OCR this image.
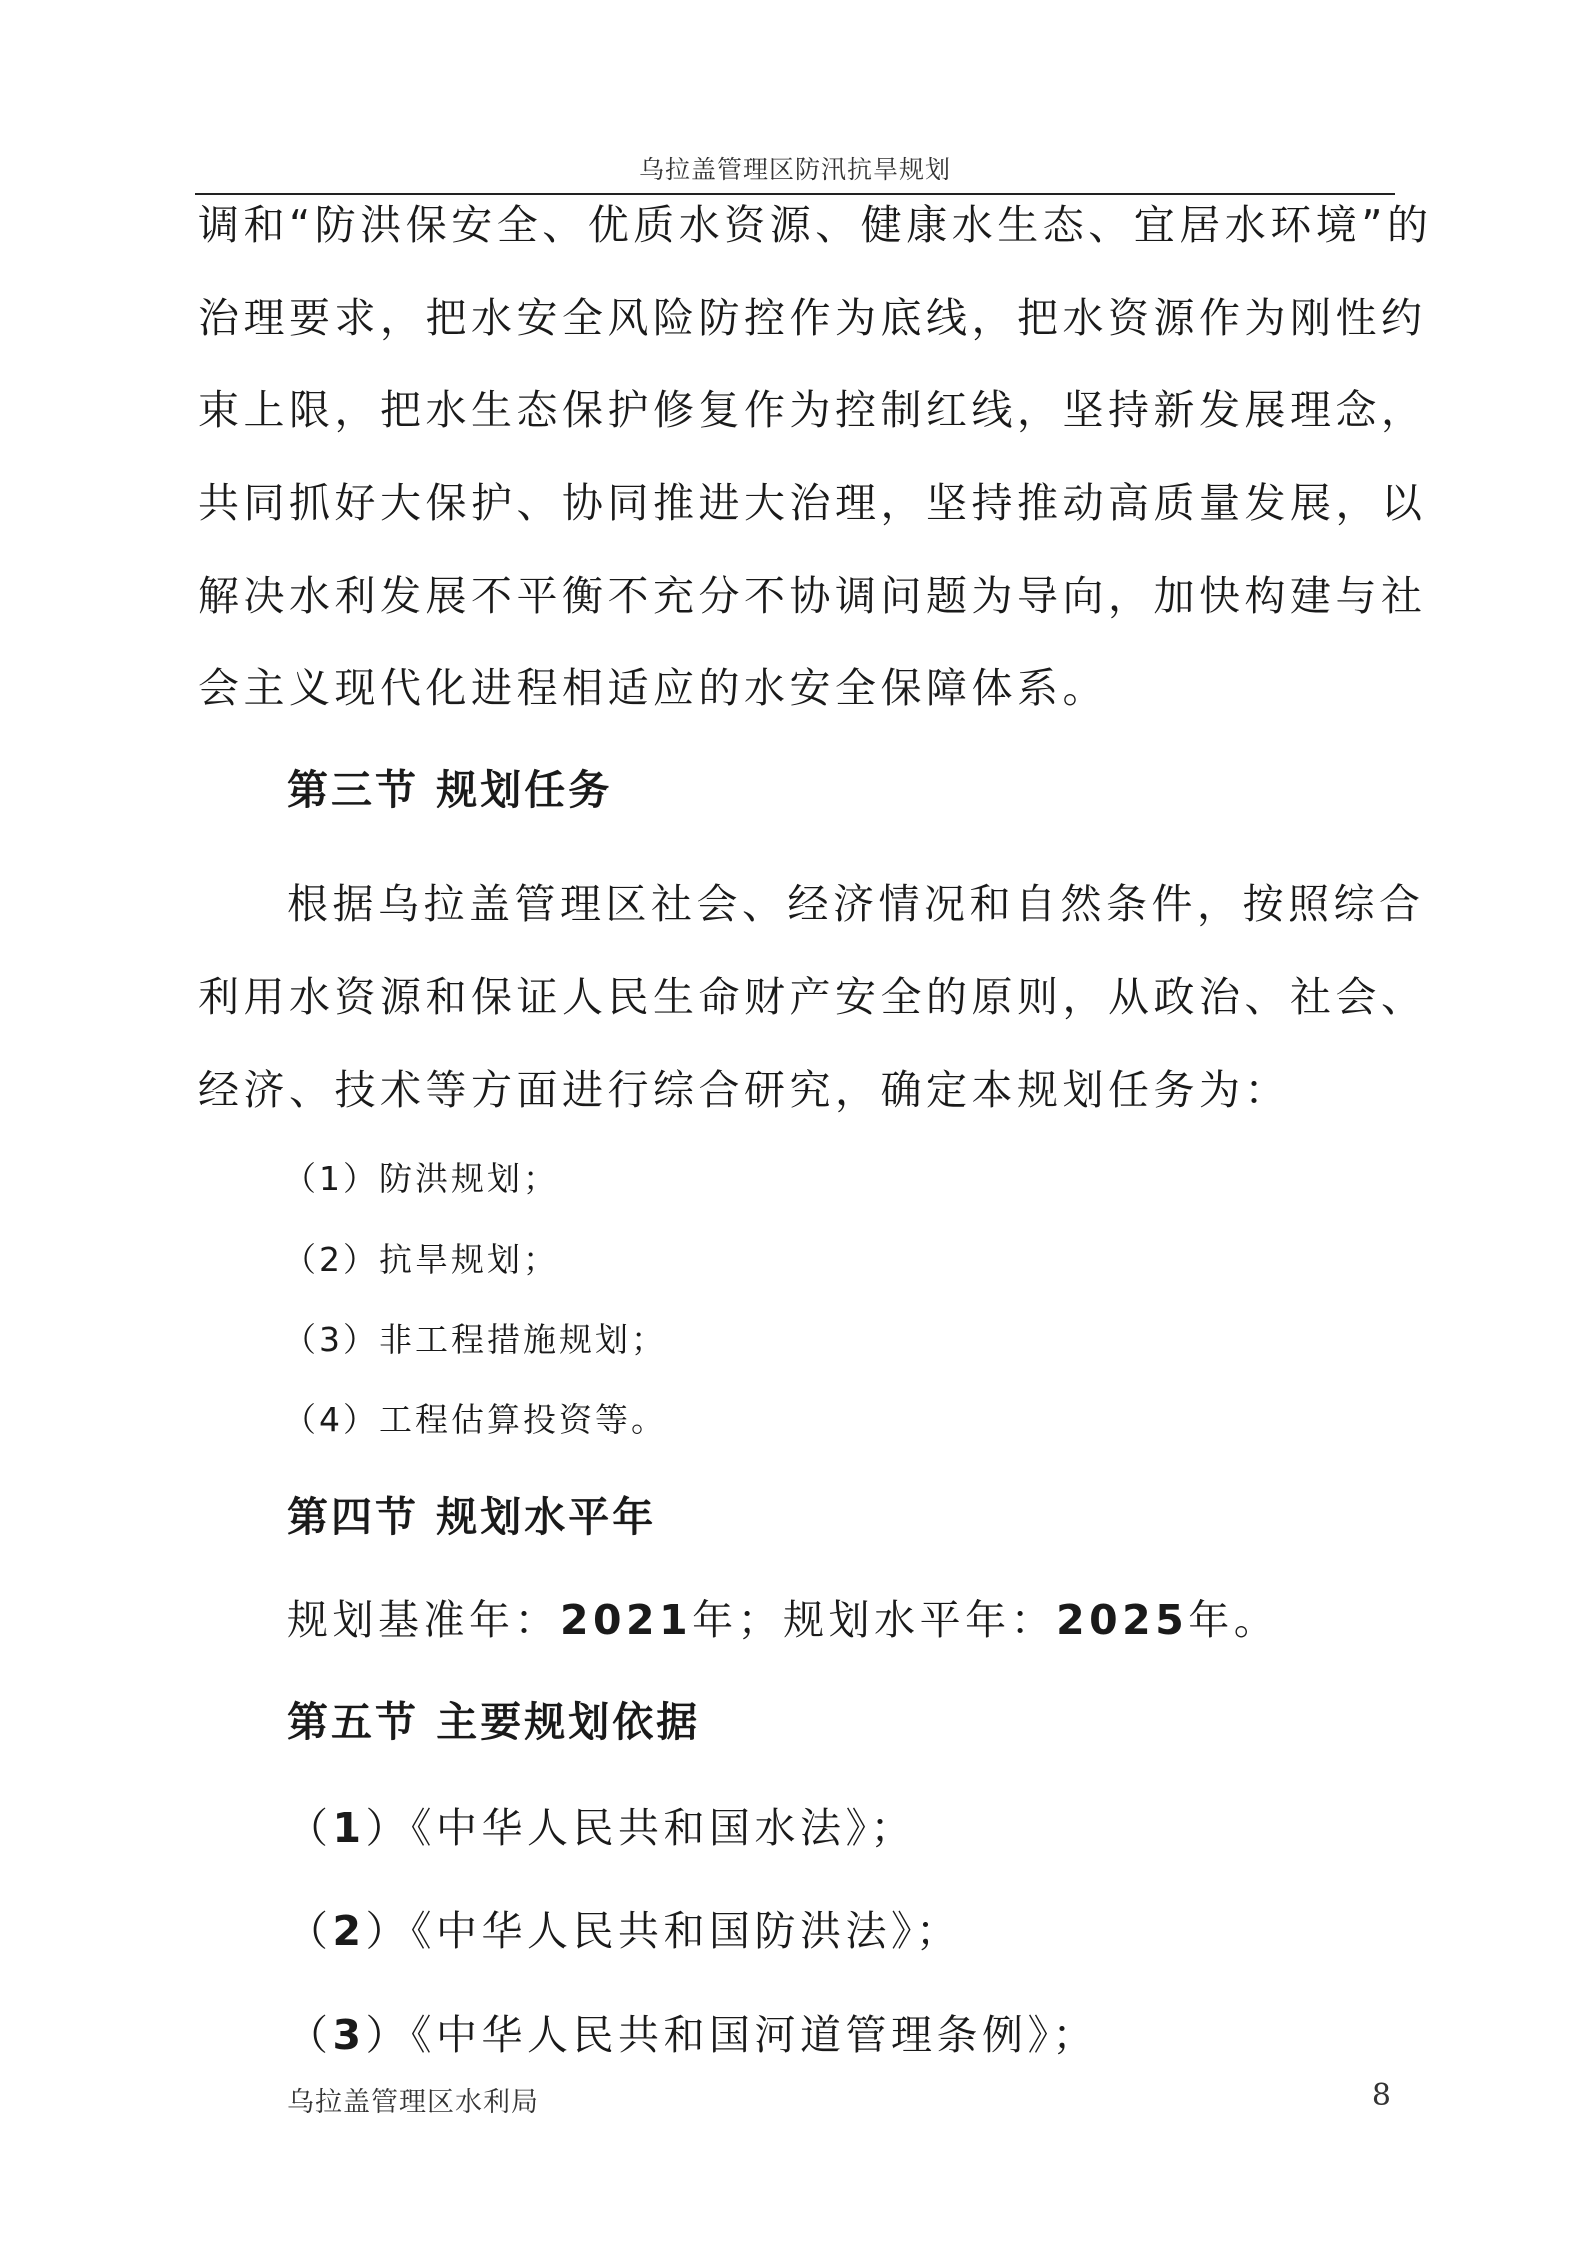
乌拉盖管理区防汛抗旱规划
调和“防洪保安全、优质水资源、健康水生态、宜居水环境”的
治理要求，把水安全风险防控作为底线，把水资源作为刚性约
束上限，把水生态保护修复作为控制红线，坚持新发展理念，
共同抓好大保护、协同推进大治理，坚持推动高质量发展，以
解决水利发展不平衡不充分不协调问题为导向，加快构建与社
会主义现代化进程相适应的水安全保障体系。
第三节 规划任务
根据乌拉盖管理区社会、经济情况和自然条件，按照综合
利用水资源和保证人民生命财产安全的原则，从政治、社会、
经济、技术等方面进行综合研究，确定本规划任务为：
（1）防洪规划；
（2）抗旱规划；
（3）非工程措施规划；
（4）工程估算投资等。
第四节 规划水平年
规划基准年：2021年；规划水平年：2025年。
第五节 主要规划依据
（1）《中华人民共和国水法》；
（2）《中华人民共和国防洪法》；
（3）《中华人民共和国河道管理条例》；
乌拉盖管理区水利局	8
